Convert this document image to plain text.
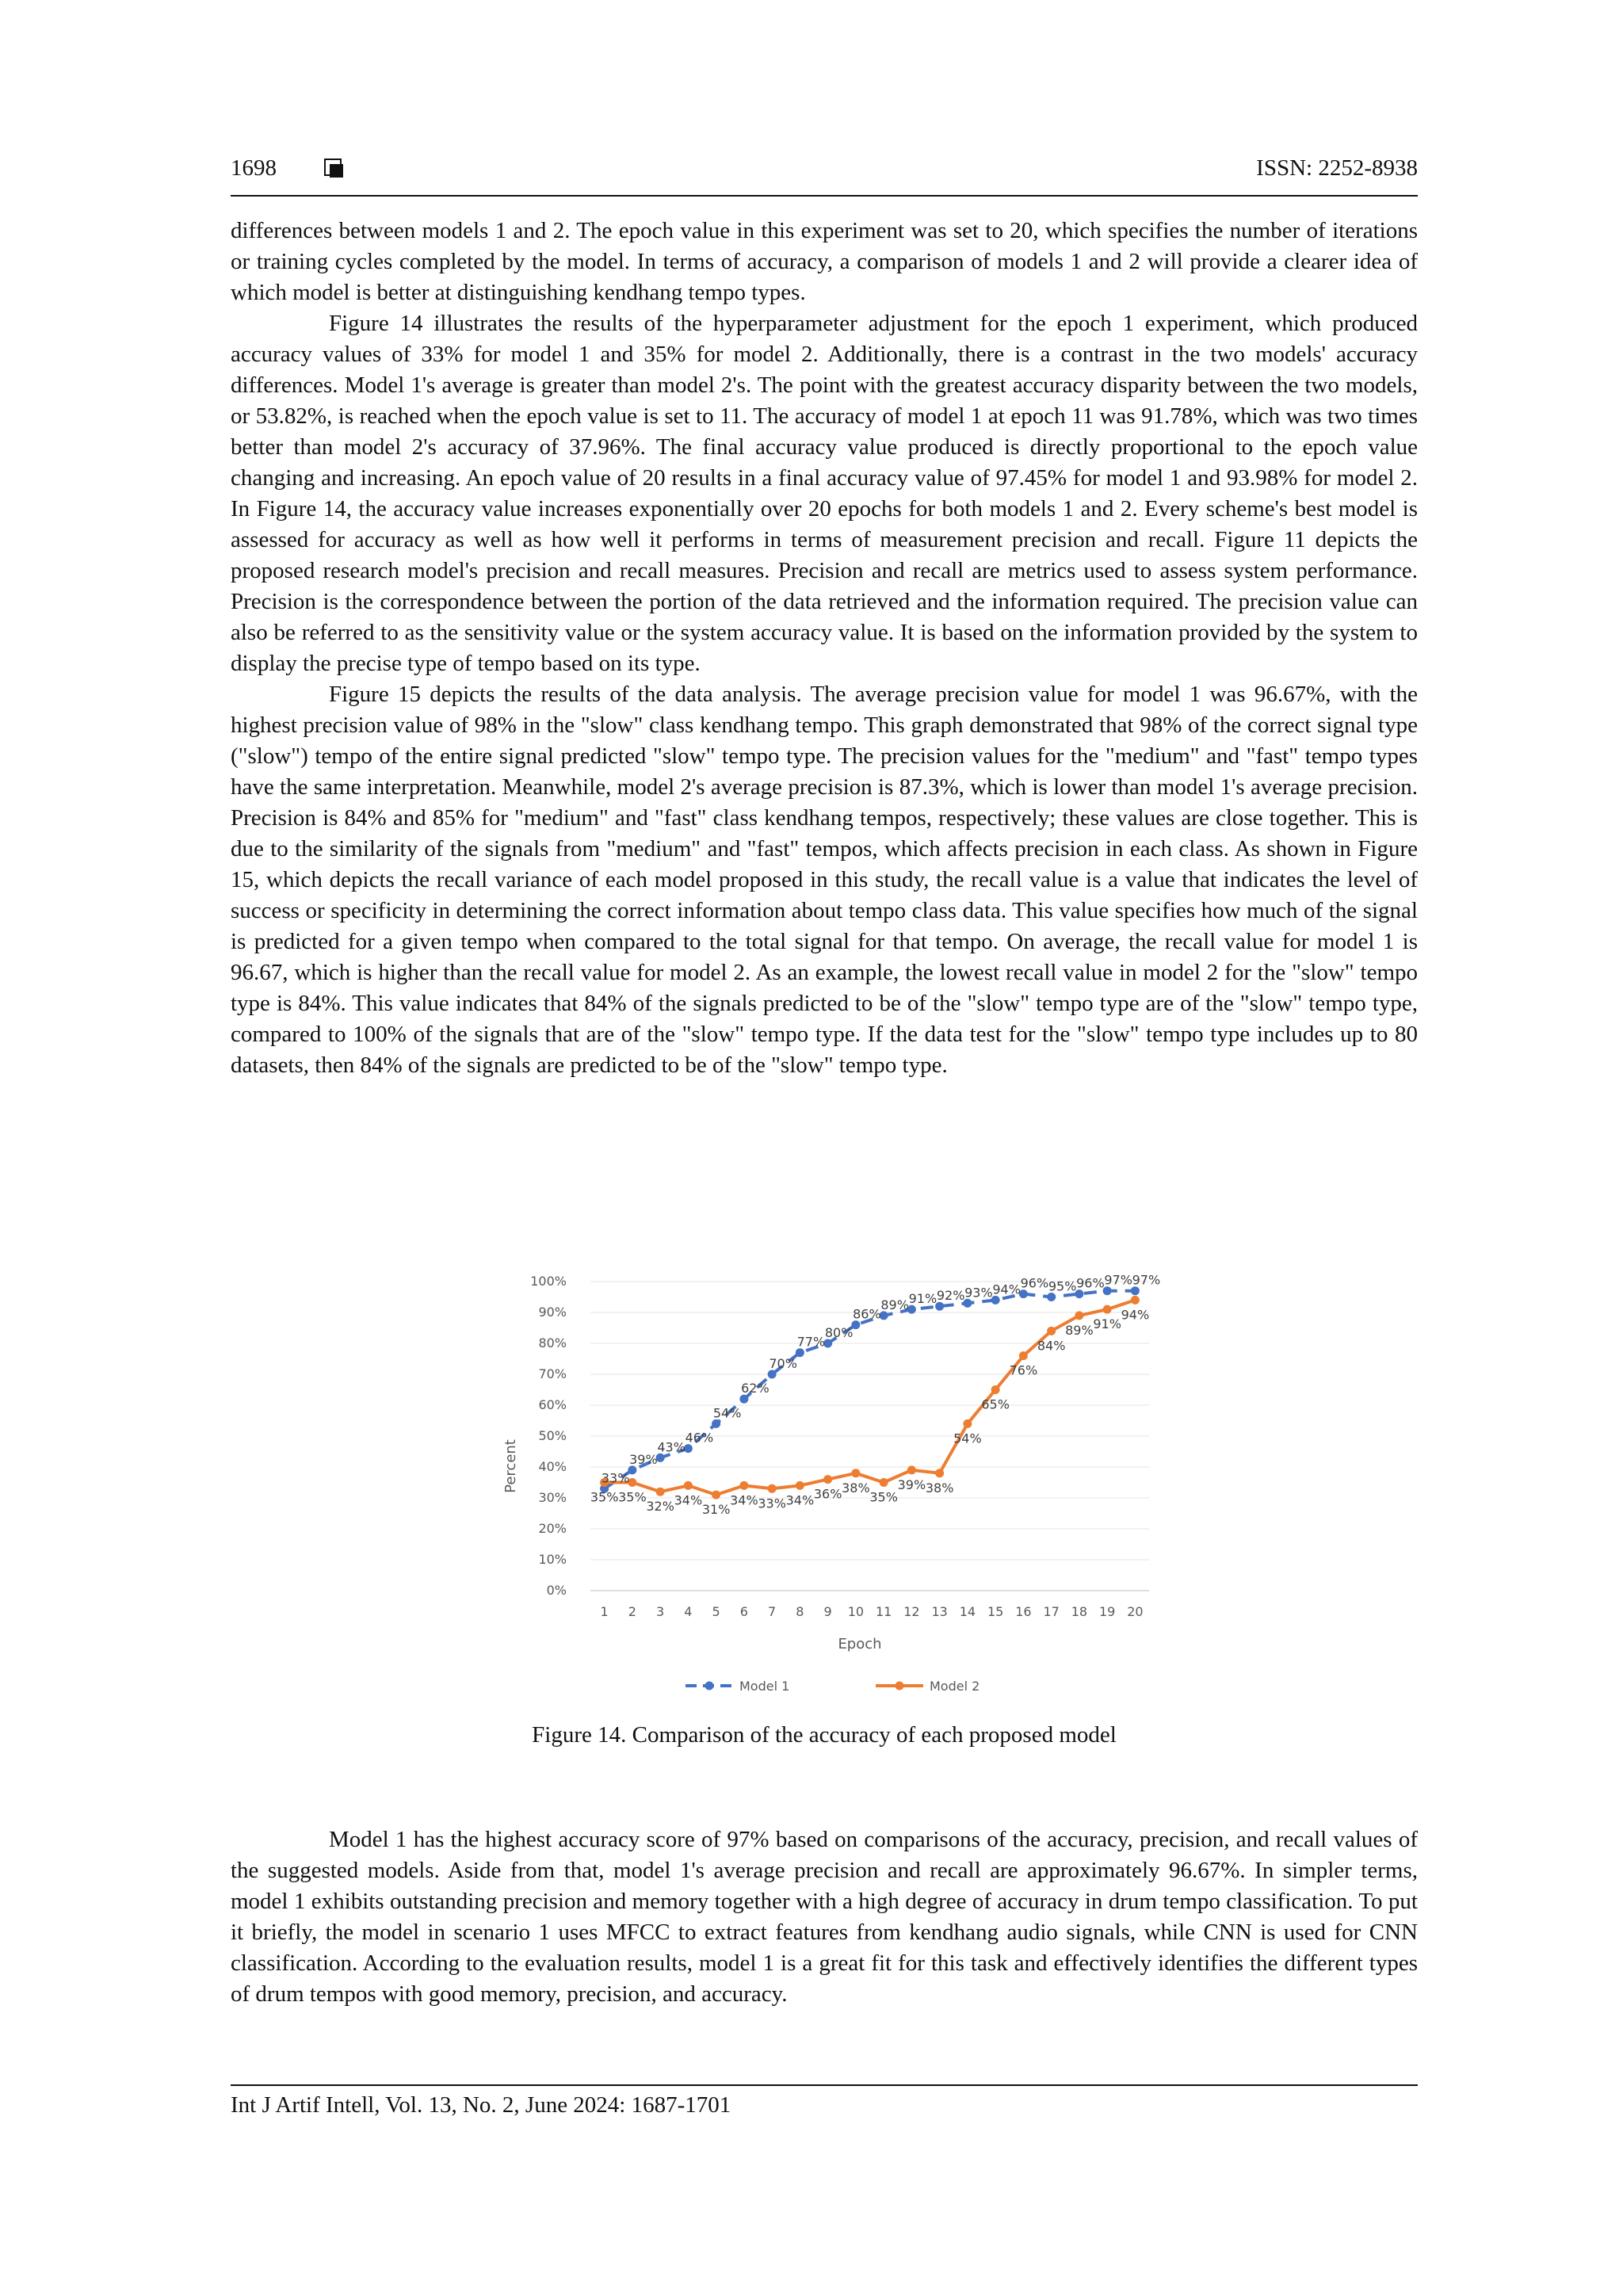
1698	ISSN: 2252-8938

differences between models 1 and 2. The epoch value in this experiment was set to 20, which specifies the number of iterations or training cycles completed by the model. In terms of accuracy, a comparison of models 1 and 2 will provide a clearer idea of which model is better at distinguishing kendhang tempo types.

Figure 14 illustrates the results of the hyperparameter adjustment for the epoch 1 experiment, which produced accuracy values of 33% for model 1 and 35% for model 2. Additionally, there is a contrast in the two models' accuracy differences. Model 1's average is greater than model 2's. The point with the greatest accuracy disparity between the two models, or 53.82%, is reached when the epoch value is set to 11. The accuracy of model 1 at epoch 11 was 91.78%, which was two times better than model 2's accuracy of 37.96%. The final accuracy value produced is directly proportional to the epoch value changing and increasing. An epoch value of 20 results in a final accuracy value of 97.45% for model 1 and 93.98% for model 2. In Figure 14, the accuracy value increases exponentially over 20 epochs for both models 1 and 2. Every scheme's best model is assessed for accuracy as well as how well it performs in terms of measurement precision and recall. Figure 11 depicts the proposed research model's precision and recall measures. Precision and recall are metrics used to assess system performance. Precision is the correspondence between the portion of the data retrieved and the information required. The precision value can also be referred to as the sensitivity value or the system accuracy value. It is based on the information provided by the system to display the precise type of tempo based on its type.

Figure 15 depicts the results of the data analysis. The average precision value for model 1 was 96.67%, with the highest precision value of 98% in the "slow" class kendhang tempo. This graph demonstrated that 98% of the correct signal type ("slow") tempo of the entire signal predicted "slow" tempo type. The precision values for the "medium" and "fast" tempo types have the same interpretation. Meanwhile, model 2's average precision is 87.3%, which is lower than model 1's average precision. Precision is 84% and 85% for "medium" and "fast" class kendhang tempos, respectively; these values are close together. This is due to the similarity of the signals from "medium" and "fast" tempos, which affects precision in each class. As shown in Figure 15, which depicts the recall variance of each model proposed in this study, the recall value is a value that indicates the level of success or specificity in determining the correct information about tempo class data. This value specifies how much of the signal is predicted for a given tempo when compared to the total signal for that tempo. On average, the recall value for model 1 is 96.67, which is higher than the recall value for model 2. As an example, the lowest recall value in model 2 for the "slow" tempo type is 84%. This value indicates that 84% of the signals predicted to be of the "slow" tempo type are of the "slow" tempo type, compared to 100% of the signals that are of the "slow" tempo type. If the data test for the "slow" tempo type includes up to 80 datasets, then 84% of the signals are predicted to be of the "slow" tempo type.

0%
10%
20%
30%
40%
50%
60%
70%
80%
90%
100%
1 2 3 4 5 6 7 8 9 10 11 12 13 14 15 16 17 18 19 20
33%
39%
43%
46%
54%
62%
70%
77%
80%
86%
89% 91% 92% 93% 94% 96% 95% 96% 97% 97%
35% 35%
32% 34%
31%
34% 33% 34% 36% 38%
35%
39% 38%
54%
65%
76%
84%
89% 91%
94%
Percent
Epoch
Model 1	Model 2
Figure 14. Comparison of the accuracy of each proposed model

Model 1 has the highest accuracy score of 97% based on comparisons of the accuracy, precision, and recall values of the suggested models. Aside from that, model 1's average precision and recall are approximately 96.67%. In simpler terms, model 1 exhibits outstanding precision and memory together with a high degree of accuracy in drum tempo classification. To put it briefly, the model in scenario 1 uses MFCC to extract features from kendhang audio signals, while CNN is used for CNN classification. According to the evaluation results, model 1 is a great fit for this task and effectively identifies the different types of drum tempos with good memory, precision, and accuracy.

Int J Artif Intell, Vol. 13, No. 2, June 2024: 1687-1701
